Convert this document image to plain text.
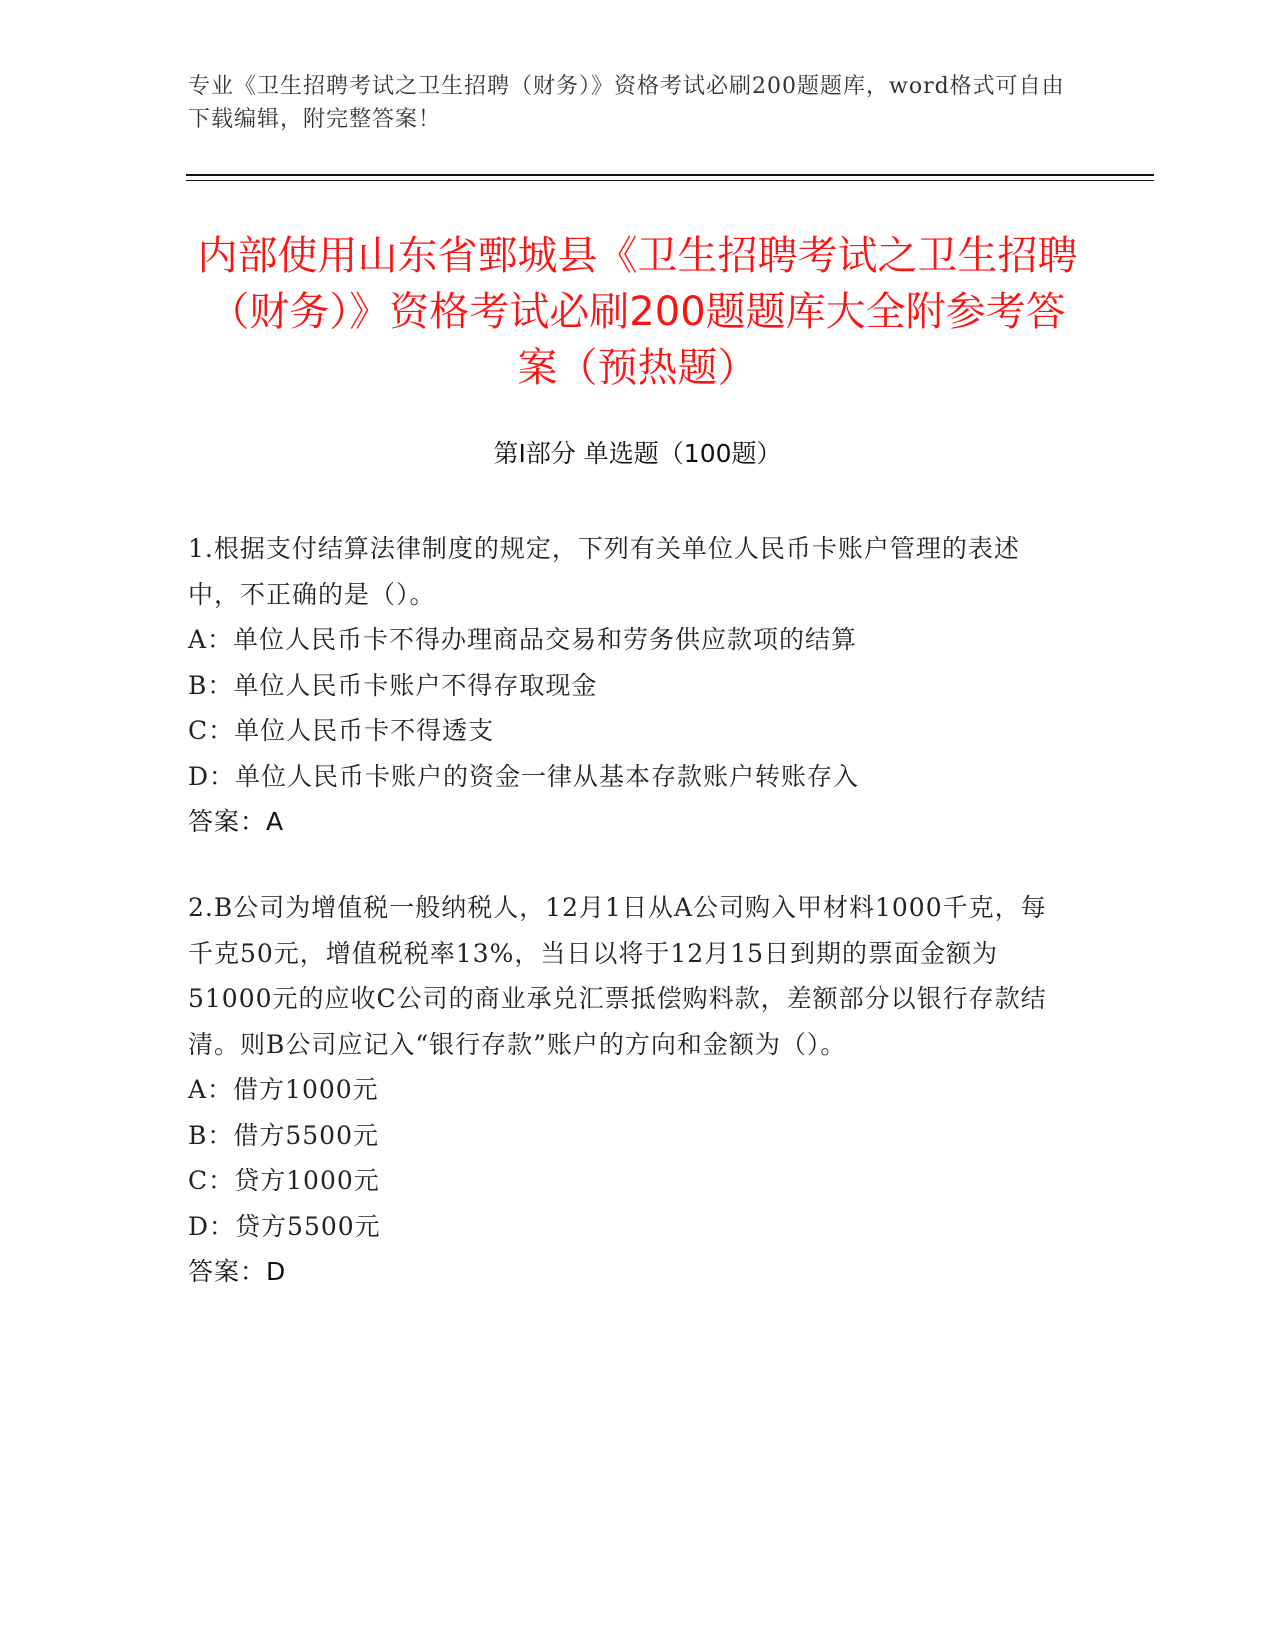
专业《卫生招聘考试之卫生招聘（财务）》资格考试必刷200题题库，word格式可自由下载编辑，附完整答案！
内部使用山东省鄄城县《卫生招聘考试之卫生招聘（财务）》资格考试必刷200题题库大全附参考答案（预热题）
第Ⅰ部分 单选题（100题）
1.根据支付结算法律制度的规定，下列有关单位人民币卡账户管理的表述中，不正确的是（）。
A：单位人民币卡不得办理商品交易和劳务供应款项的结算
B：单位人民币卡账户不得存取现金
C：单位人民币卡不得透支
D：单位人民币卡账户的资金一律从基本存款账户转账存入
答案：A
2.B公司为增值税一般纳税人，12月1日从A公司购入甲材料1000千克，每千克50元，增值税税率13%，当日以将于12月15日到期的票面金额为51000元的应收C公司的商业承兑汇票抵偿购料款，差额部分以银行存款结清。则B公司应记入“银行存款”账户的方向和金额为（）。
A：借方1000元
B：借方5500元
C：贷方1000元
D：贷方5500元
答案：D
